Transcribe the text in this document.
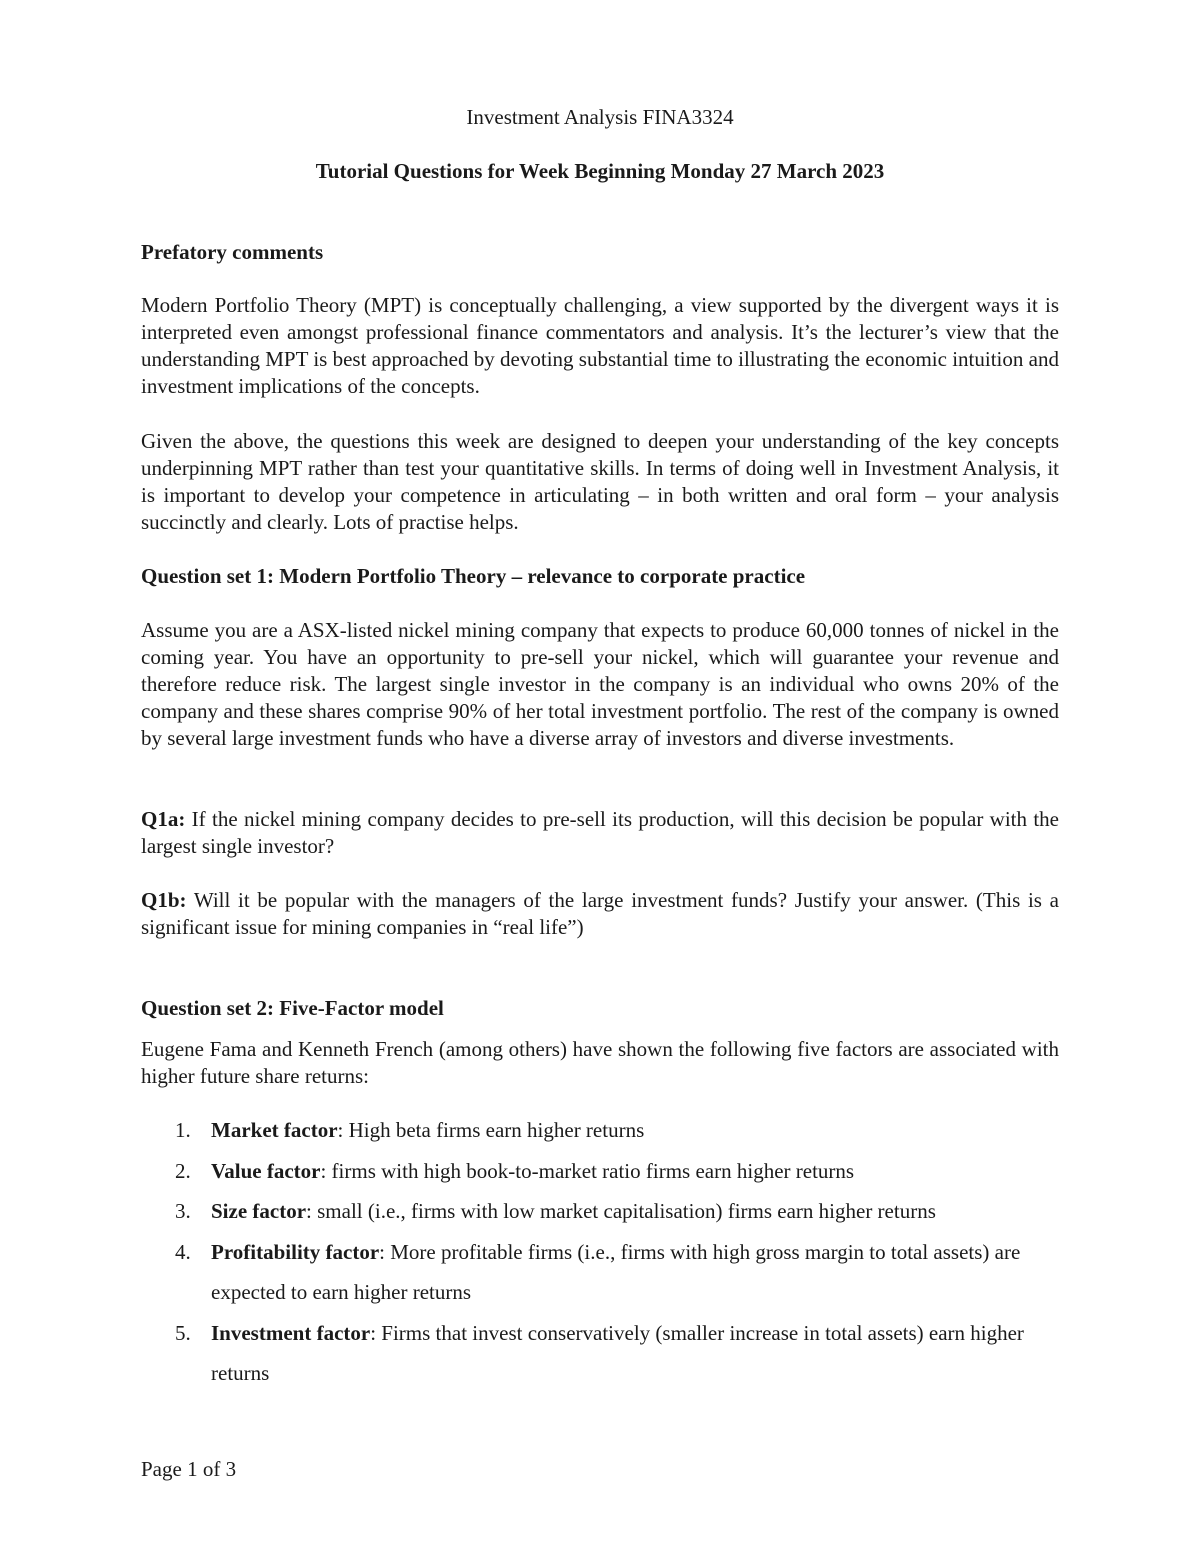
Investment Analysis FINA3324

Tutorial Questions for Week Beginning Monday 27 March 2023

Prefatory comments

Modern Portfolio Theory (MPT) is conceptually challenging, a view supported by the divergent ways it is interpreted even amongst professional finance commentators and analysis. It’s the lecturer’s view that the understanding MPT is best approached by devoting substantial time to illustrating the economic intuition and investment implications of the concepts.

Given the above, the questions this week are designed to deepen your understanding of the key concepts underpinning MPT rather than test your quantitative skills. In terms of doing well in Investment Analysis, it is important to develop your competence in articulating – in both written and oral form – your analysis succinctly and clearly. Lots of practise helps.

Question set 1: Modern Portfolio Theory – relevance to corporate practice

Assume you are a ASX-listed nickel mining company that expects to produce 60,000 tonnes of nickel in the coming year. You have an opportunity to pre-sell your nickel, which will guarantee your revenue and therefore reduce risk. The largest single investor in the company is an individual who owns 20% of the company and these shares comprise 90% of her total investment portfolio. The rest of the company is owned by several large investment funds who have a diverse array of investors and diverse investments.

Q1a: If the nickel mining company decides to pre-sell its production, will this decision be popular with the largest single investor?

Q1b: Will it be popular with the managers of the large investment funds? Justify your answer. (This is a significant issue for mining companies in “real life”)

Question set 2: Five-Factor model

Eugene Fama and Kenneth French (among others) have shown the following five factors are associated with higher future share returns:

1. Market factor: High beta firms earn higher returns
2. Value factor: firms with high book-to-market ratio firms earn higher returns
3. Size factor: small (i.e., firms with low market capitalisation) firms earn higher returns
4. Profitability factor: More profitable firms (i.e., firms with high gross margin to total assets) are expected to earn higher returns
5. Investment factor: Firms that invest conservatively (smaller increase in total assets) earn higher returns
Page 1 of 3
